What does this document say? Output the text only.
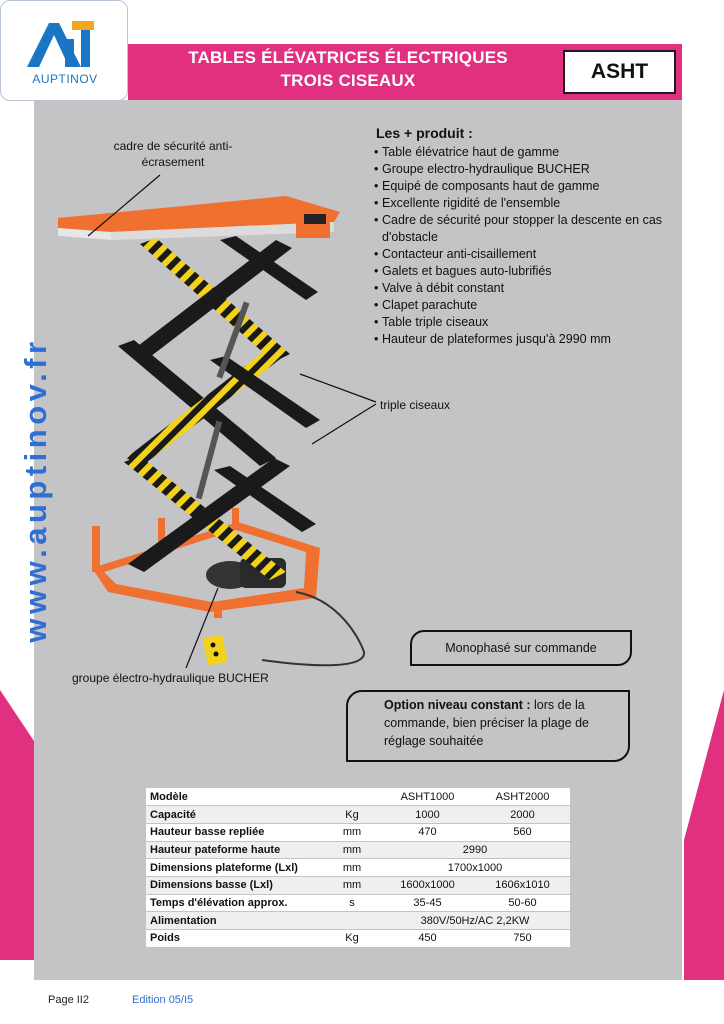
TABLES ÉLÉVATRICES ÉLECTRIQUES
TROIS CISEAUX	ASHT
AUPTINOV
www.auptinov.fr
cadre de sécurité anti-écrasement
triple ciseaux
groupe électro-hydraulique BUCHER
Les + produit :
• Table élévatrice haut de gamme
• Groupe electro-hydraulique BUCHER
• Equipé de composants haut de gamme
• Excellente rigidité de l'ensemble
• Cadre de sécurité pour stopper la descente en cas d'obstacle
• Contacteur anti-cisaillement
• Galets et bagues auto-lubrifiés
• Valve à débit constant
• Clapet parachute
• Table triple ciseaux
• Hauteur de plateformes jusqu'à 2990 mm
Monophasé sur commande
Option niveau constant : lors de la commande, bien préciser la plage de réglage souhaitée
Modèle		ASHT1000	ASHT2000
Capacité	Kg	1000	2000
Hauteur basse repliée	mm	470	560
Hauteur pateforme haute	mm	2990	
Dimensions plateforme (Lxl)	mm	1700x1000	
Dimensions basse (Lxl)	mm	1600x1000	1606x1010
Temps d'élévation approx.	s	35-45	50-60
Alimentation		380V/50Hz/AC 2,2KW	
Poids	Kg	450	750
Page II2	Edition 05/I5
